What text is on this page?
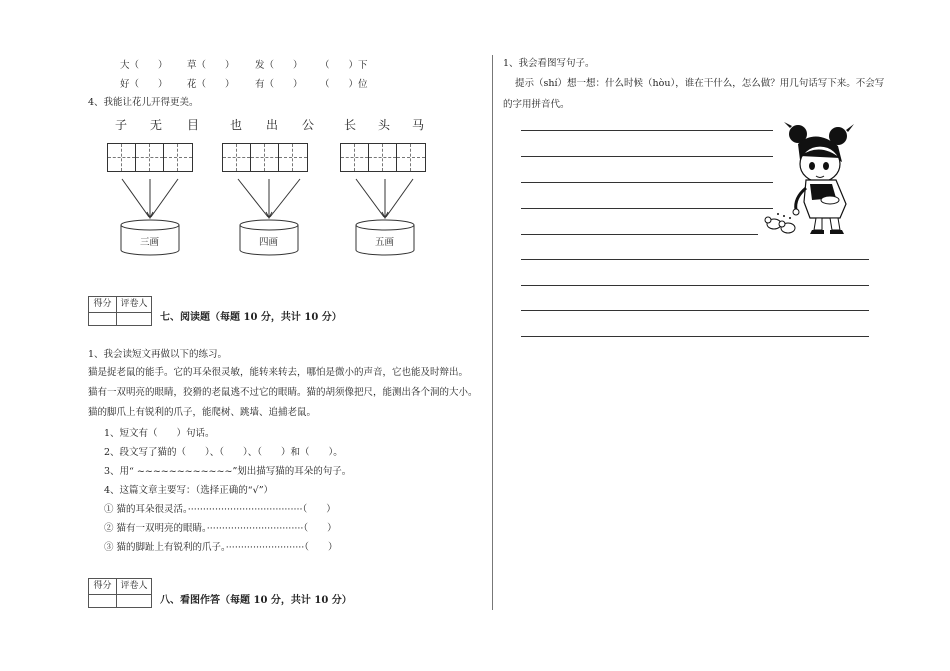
大（　　） 草（　　） 发（　　） （　　）下
好（　　） 花（　　） 有（　　） （　　）位
4、我能让花儿开得更美。
子 无 目	也 出 公 长 头 马
三画	四画	五画
得分 评卷人
七、阅读题（每题 10 分，共计 10 分）
1、我会读短文再做以下的练习。
猫是捉老鼠的能手。它的耳朵很灵敏，能转来转去，哪怕是微小的声音，它也能及时辩出。
猫有一双明亮的眼睛，狡猾的老鼠逃不过它的眼睛。猫的胡须像把尺，能测出各个洞的大小。
猫的脚爪上有锐利的爪子，能爬树、跳墙、追捕老鼠。
1、短文有（　　）句话。
2、段文写了猫的（　　）、（　　）、（　　）和（　　）。
3、用“ ~~~~~~~~~~~~”划出描写猫的耳朵的句子。
4、这篇文章主要写：（选择正确的“√”）
① 猫的耳朵很灵活。······································（　　）
② 猫有一双明亮的眼睛。································（　　）
③ 猫的脚趾上有锐利的爪子。··························（　　）
得分 评卷人
八、看图作答（每题 10 分，共计 10 分）
1、我会看图写句子。
提示（shí）想一想：什么时候（hòu），谁在干什么，怎么做？用几句话写下来。不会写
的字用拼音代。
